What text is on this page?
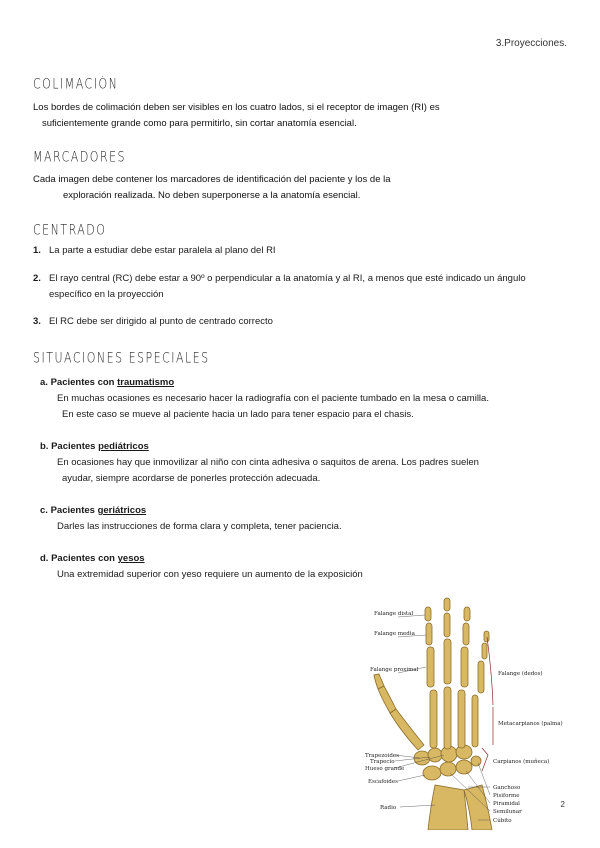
3.Proyecciones.
COLIMACIÓN
Los bordes de colimación deben ser visibles en los cuatro lados, si el receptor de imagen (RI) es
suficientemente grande como para permitirlo, sin cortar anatomía esencial.
MARCADORES
Cada imagen debe contener los marcadores de identificación del paciente y los de la
exploración realizada. No deben superponerse a la anatomía esencial.
CENTRADO
1. La parte a estudiar debe estar paralela al plano del RI
2. El rayo central (RC) debe estar a 90º o perpendicular a la anatomía y al RI, a menos que esté indicado un ángulo específico en la proyección
3. El RC debe ser dirigido al punto de centrado correcto
SITUACIONES ESPECIALES
a. Pacientes con traumatismo
En muchas ocasiones es necesario hacer la radiografía con el paciente tumbado en la mesa o camilla.
En este caso se mueve al paciente hacia un lado para tener espacio para el chasis.
b. Pacientes pediátricos
En ocasiones hay que inmovilizar al niño con cinta adhesiva o saquitos de arena. Los padres suelen
ayudar, siempre acordarse de ponerles protección adecuada.
c. Pacientes geriátricos
Darles las instrucciones de forma clara y completa, tener paciencia.
d. Pacientes con yesos
Una extremidad superior con yeso requiere un aumento de la exposición
Falange distal
Falange media
Falange proximal
Falange (dedos)
Metacarpianos (palma)
Trapezoides
Trapecio
Hueso grande
Escafoides
Radio
Carpianos (muñeca)
Ganchoso
Pisiforme
Piramidal
Semilunar
Cúbito
2
